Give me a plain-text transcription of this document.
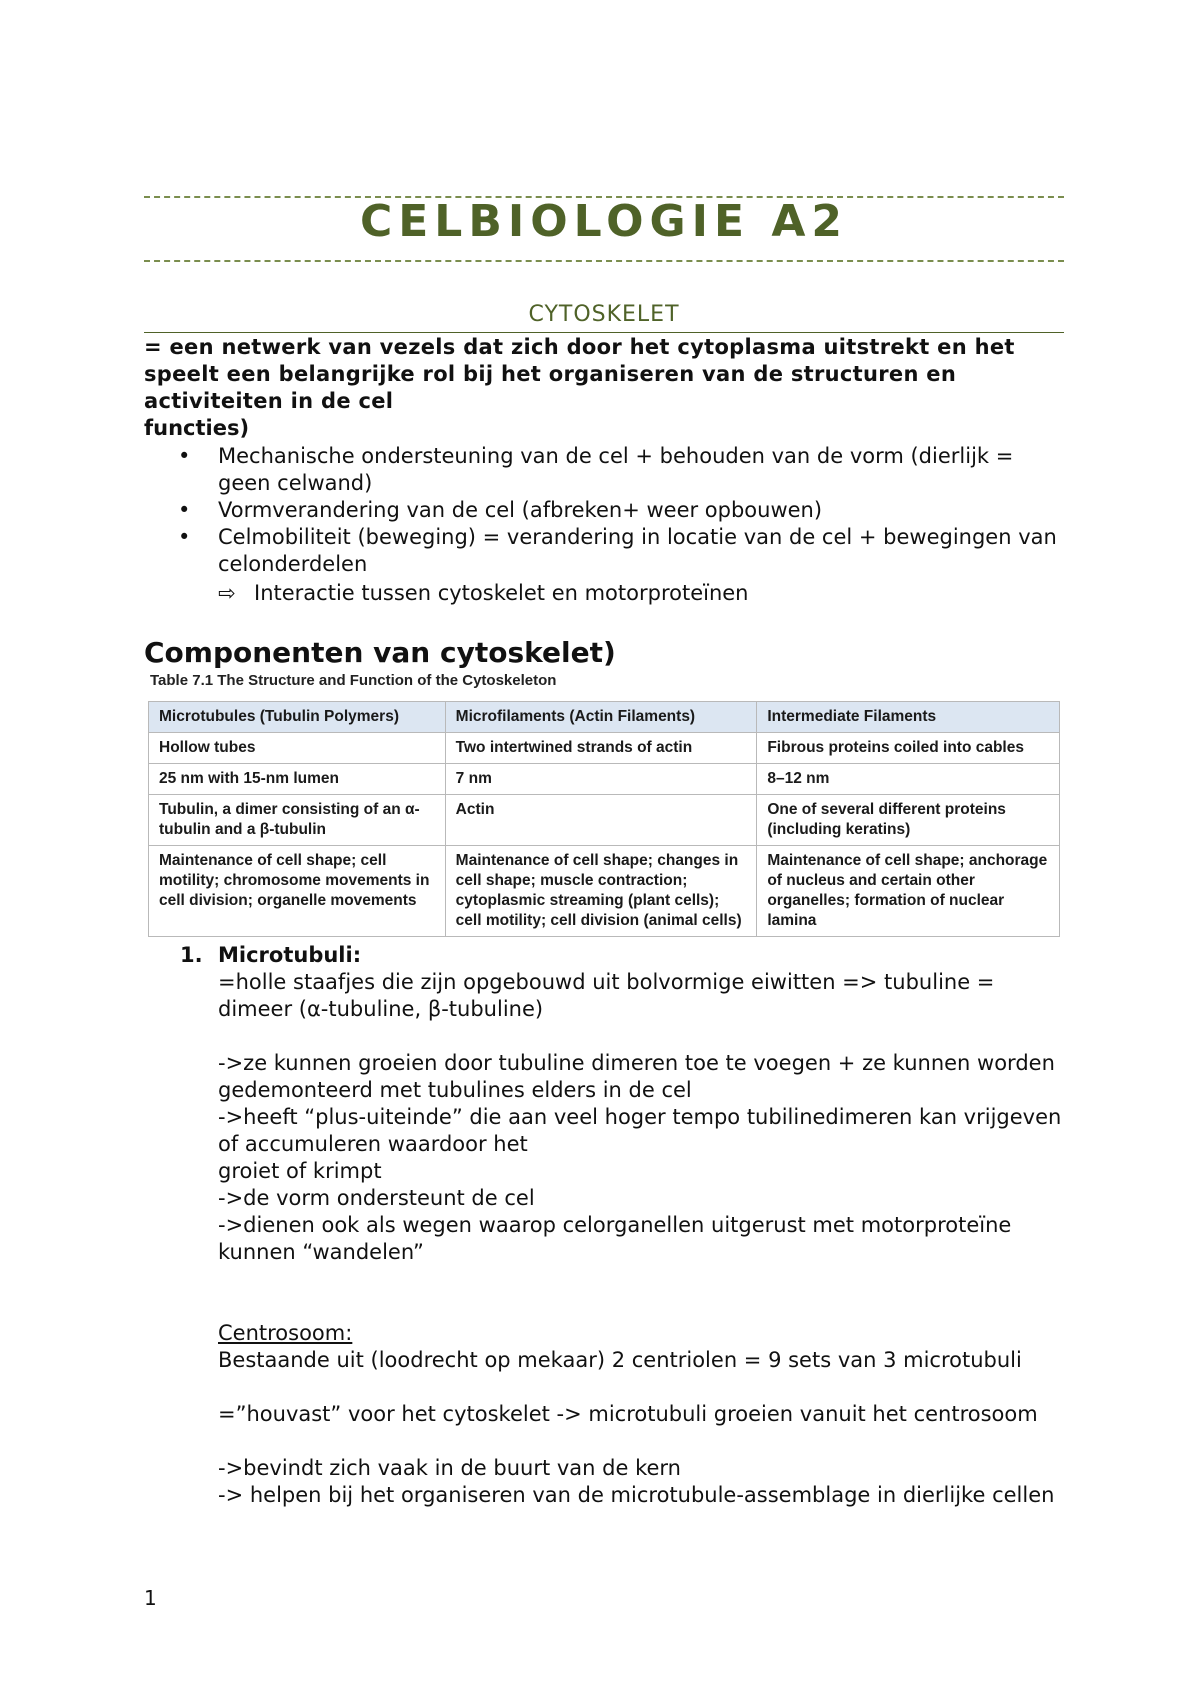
CELBIOLOGIE A2
CYTOSKELET
= een netwerk van vezels dat zich door het cytoplasma uitstrekt en het speelt een belangrijke rol bij het organiseren van de structuren en activiteiten in de cel
functies)
• Mechanische ondersteuning van de cel + behouden van de vorm (dierlijk = geen celwand)
• Vormverandering van de cel (afbreken+ weer opbouwen)
• Celmobiliteit (beweging) = verandering in locatie van de cel + bewegingen van celonderdelen
⇨ Interactie tussen cytoskelet en motorproteïnen
Componenten van cytoskelet)
Table 7.1 The Structure and Function of the Cytoskeleton
Microtubules (Tubulin Polymers)	Microfilaments (Actin Filaments)	Intermediate Filaments
Hollow tubes	Two intertwined strands of actin	Fibrous proteins coiled into cables
25 nm with 15-nm lumen	7 nm	8–12 nm
Tubulin, a dimer consisting of an α-tubulin and a β-tubulin	Actin	One of several different proteins (including keratins)
Maintenance of cell shape; cell motility; chromosome movements in cell division; organelle movements	Maintenance of cell shape; changes in cell shape; muscle contraction; cytoplasmic streaming (plant cells); cell motility; cell division (animal cells)	Maintenance of cell shape; anchorage of nucleus and certain other organelles; formation of nuclear lamina
1. Microtubuli:
=holle staafjes die zijn opgebouwd uit bolvormige eiwitten => tubuline = dimeer (α-tubuline, β-tubuline)
->ze kunnen groeien door tubuline dimeren toe te voegen + ze kunnen worden gedemonteerd met tubulines elders in de cel
->heeft “plus-uiteinde” die aan veel hoger tempo tubilinedimeren kan vrijgeven of accumuleren waardoor het
groiet of krimpt
->de vorm ondersteunt de cel
->dienen ook als wegen waarop celorganellen uitgerust met motorproteïne kunnen “wandelen”
Centrosoom:
Bestaande uit (loodrecht op mekaar) 2 centriolen = 9 sets van 3 microtubuli
=”houvast” voor het cytoskelet -> microtubuli groeien vanuit het centrosoom
->bevindt zich vaak in de buurt van de kern
-> helpen bij het organiseren van de microtubule-assemblage in dierlijke cellen
1
